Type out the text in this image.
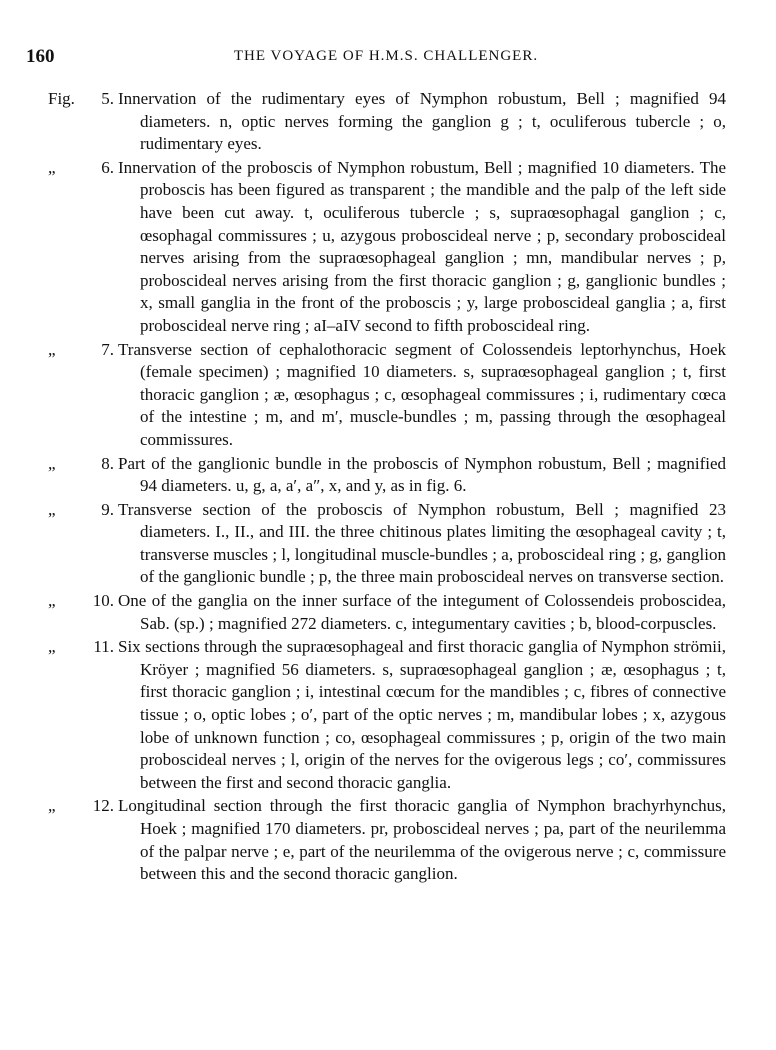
160	THE VOYAGE OF H.M.S. CHALLENGER.
Fig.	5. Innervation of the rudimentary eyes of Nymphon robustum, Bell ; magnified 94 diameters. n, optic nerves forming the ganglion g ; t, oculiferous tubercle ; o, rudimentary eyes.
„	6. Innervation of the proboscis of Nymphon robustum, Bell ; magnified 10 diameters. The proboscis has been figured as transparent ; the mandible and the palp of the left side have been cut away. t, oculiferous tubercle ; s, supraœsophagal ganglion ; c, œsophagal commissures ; u, azygous proboscideal nerve ; p, secondary proboscideal nerves arising from the supraœsophageal ganglion ; mn, mandibular nerves ; p, proboscideal nerves arising from the first thoracic ganglion ; g, ganglionic bundles ; x, small ganglia in the front of the proboscis ; y, large proboscideal ganglia ; a, first proboscideal nerve ring ; aI–aIV second to fifth proboscideal ring.
„	7. Transverse section of cephalothoracic segment of Colossendeis leptorhynchus, Hoek (female specimen) ; magnified 10 diameters. s, supraœsophageal ganglion ; t, first thoracic ganglion ; æ, œsophagus ; c, œsophageal commissures ; i, rudimentary cœca of the intestine ; m, and m′, muscle-bundles ; m, passing through the œsophageal commissures.
„	8. Part of the ganglionic bundle in the proboscis of Nymphon robustum, Bell ; magnified 94 diameters. u, g, a, a′, a″, x, and y, as in fig. 6.
„	9. Transverse section of the proboscis of Nymphon robustum, Bell ; magnified 23 diameters. I., II., and III. the three chitinous plates limiting the œsophageal cavity ; t, transverse muscles ; l, longitudinal muscle-bundles ; a, proboscideal ring ; g, ganglion of the ganglionic bundle ; p, the three main proboscideal nerves on transverse section.
„	10. One of the ganglia on the inner surface of the integument of Colossendeis proboscidea, Sab. (sp.) ; magnified 272 diameters. c, integumentary cavities ; b, blood-corpuscles.
„	11. Six sections through the supraœsophageal and first thoracic ganglia of Nymphon strömii, Kröyer ; magnified 56 diameters. s, supraœsophageal ganglion ; æ, œsophagus ; t, first thoracic ganglion ; i, intestinal cœcum for the mandibles ; c, fibres of connective tissue ; o, optic lobes ; o′, part of the optic nerves ; m, mandibular lobes ; x, azygous lobe of unknown function ; co, œsophageal commissures ; p, origin of the two main proboscideal nerves ; l, origin of the nerves for the ovigerous legs ; co′, commissures between the first and second thoracic ganglia.
„	12. Longitudinal section through the first thoracic ganglia of Nymphon brachyrhynchus, Hoek ; magnified 170 diameters. pr, proboscideal nerves ; pa, part of the neurilemma of the palpar nerve ; e, part of the neurilemma of the ovigerous nerve ; c, commissure between this and the second thoracic ganglion.
